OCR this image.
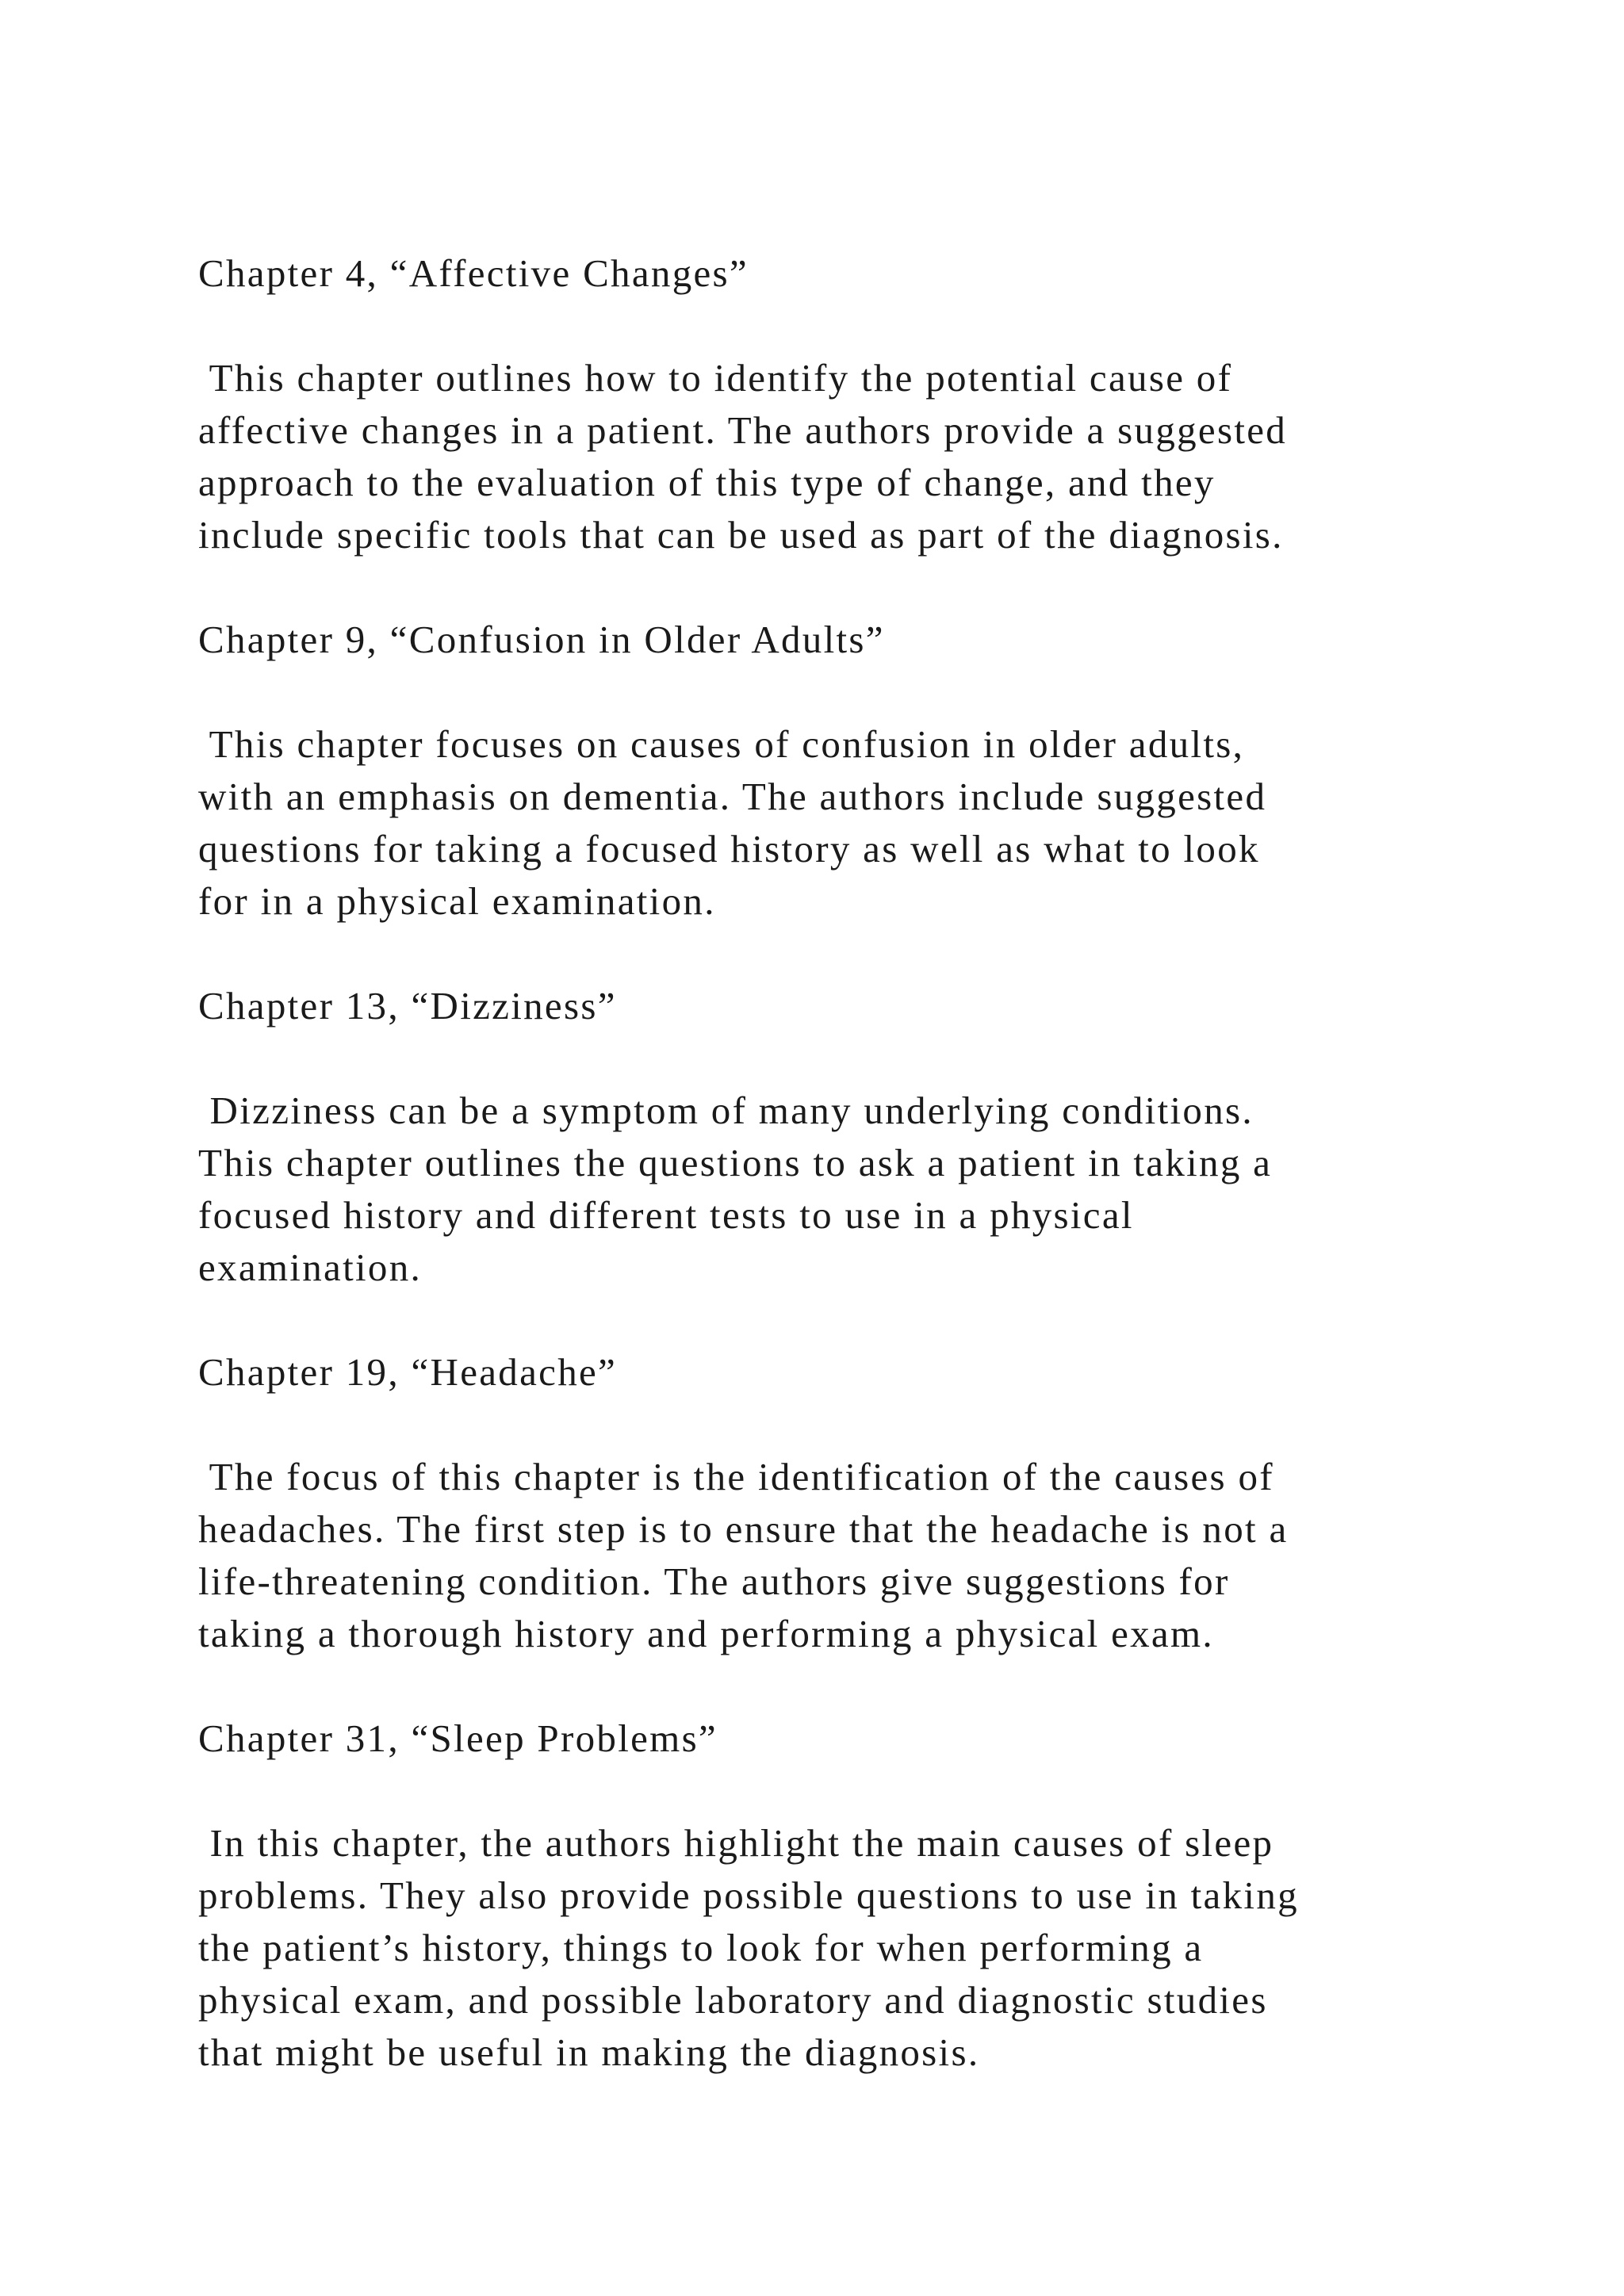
Chapter 4, “Affective Changes”
This chapter outlines how to identify the potential cause of
affective changes in a patient. The authors provide a suggested
approach to the evaluation of this type of change, and they
include specific tools that can be used as part of the diagnosis.
Chapter 9, “Confusion in Older Adults”
This chapter focuses on causes of confusion in older adults,
with an emphasis on dementia. The authors include suggested
questions for taking a focused history as well as what to look
for in a physical examination.
Chapter 13, “Dizziness”
Dizziness can be a symptom of many underlying conditions.
This chapter outlines the questions to ask a patient in taking a
focused history and different tests to use in a physical
examination.
Chapter 19, “Headache”
The focus of this chapter is the identification of the causes of
headaches. The first step is to ensure that the headache is not a
life-threatening condition. The authors give suggestions for
taking a thorough history and performing a physical exam.
Chapter 31, “Sleep Problems”
In this chapter, the authors highlight the main causes of sleep
problems. They also provide possible questions to use in taking
the patient’s history, things to look for when performing a
physical exam, and possible laboratory and diagnostic studies
that might be useful in making the diagnosis.
